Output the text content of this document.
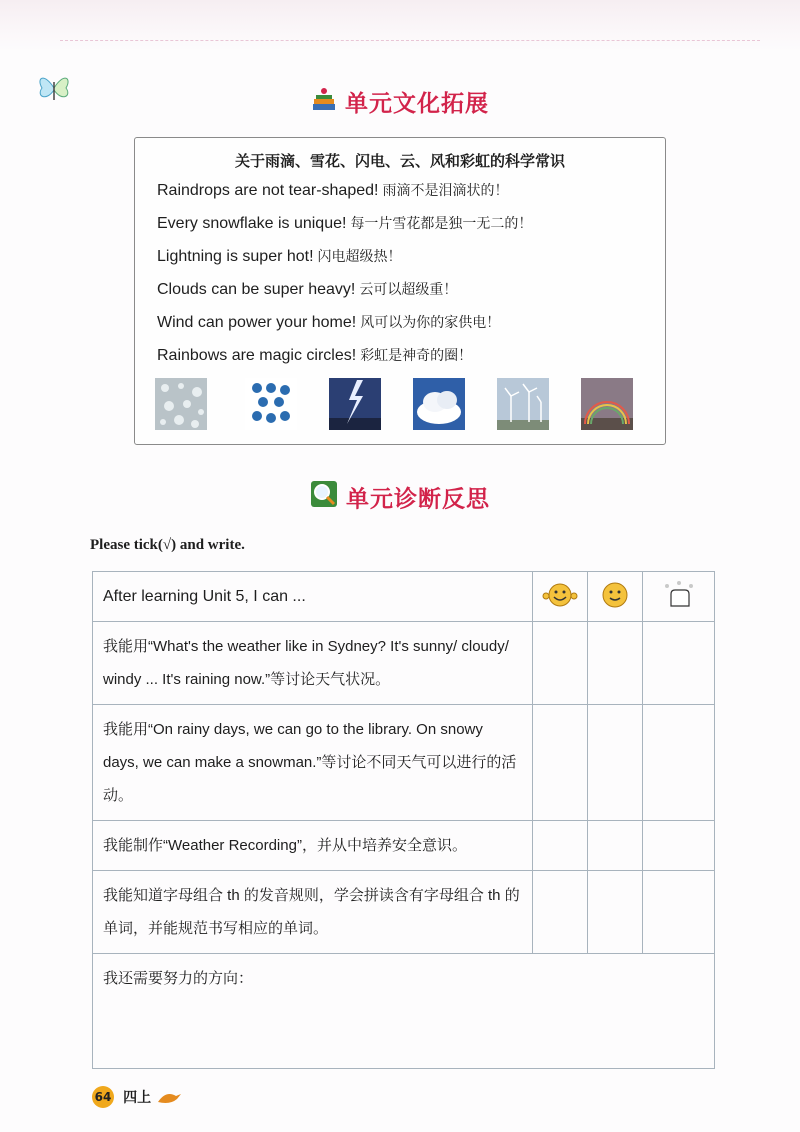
单元文化拓展
关于雨滴、雪花、闪电、云、风和彩虹的科学常识
Raindrops are not tear-shaped! 雨滴不是泪滴状的！
Every snowflake is unique! 每一片雪花都是独一无二的！
Lightning is super hot! 闪电超级热！
Clouds can be super heavy! 云可以超级重！
Wind can power your home! 风可以为你的家供电！
Rainbows are magic circles! 彩虹是神奇的圈！
单元诊断反思
Please tick(√) and write.
After learning Unit 5, I can ...			
我能用“What's the weather like in Sydney? It's sunny/ cloudy/ windy ... It's raining now.”等讨论天气状况。			
我能用“On rainy days, we can go to the library. On snowy days, we can make a snowman.”等讨论不同天气可以进行的活动。			
我能制作“Weather Recording”，并从中培养安全意识。			
我能知道字母组合 th 的发音规则，学会拼读含有字母组合 th 的单词，并能规范书写相应的单词。			
我还需要努力的方向：			
64 四上
